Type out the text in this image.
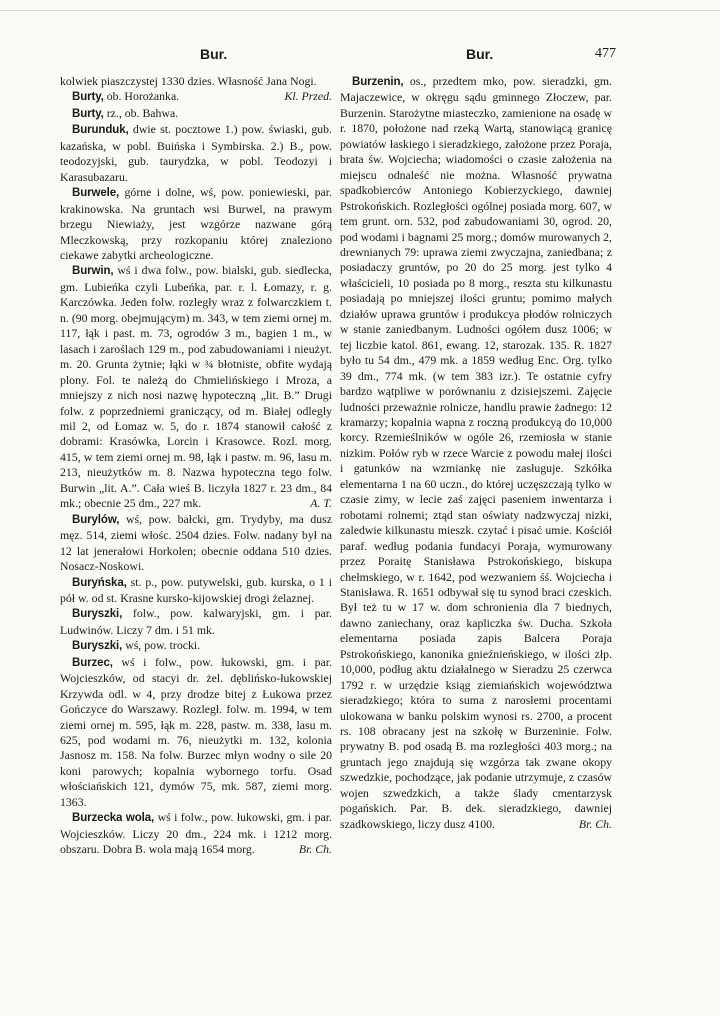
Bur.	Bur.	477

kolwiek piaszczystej 1330 dzies. Własność Jana Nogi.
Kl. Przed.

Burty, ob. Horożanka.

Burty, rz., ob. Bahwa.

Burunduk, dwie st. pocztowe 1.) pow. świaski, gub. kazańska, w pobl. Buińska i Symbirska. 2.) B., pow. teodozyjski, gub. taurydzka, w pobl. Teodozyi i Karasubazaru.

Burwele, górne i dolne, wś, pow. poniewieski, par. krakinowska. Na gruntach wsi Burwel, na prawym brzegu Niewiaży, jest wzgórze nazwane górą Mleczkowską, przy rozkopaniu której znaleziono ciekawe zabytki archeologiczne.

Burwin, wś i dwa folw., pow. bialski, gub. siedlecka, gm. Lubieńka czyli Lubeńka, par. r. l. Łomazy, r. g. Karczówka. Jeden folw. rozległy wraz z folwarczkiem t. n. (90 morg. obejmującym) m. 343, w tem ziemi ornej m. 117, łąk i past. m. 73, ogrodów 3 m., bagien 1 m., w lasach i zaroślach 129 m., pod zabudowaniami i nieużyt. m. 20. Grunta żytnie; łąki w ¾ błotniste, obfite wydają plony. Fol. te należą do Chmielińskiego i Mroza, a mniejszy z nich nosi nazwę hypoteczną „lit. B.” Drugi folw. z poprzedniemi graniczący, od m. Białej odległy mil 2, od Łomaz w. 5, do r. 1874 stanowił całość z dobrami: Krasówka, Lorcin i Krasowce. Rozl. morg. 415, w tem ziemi ornej m. 98, łąk i pastw. m. 96, lasu m. 213, nieużytków m. 8. Nazwa hypoteczna tego folw. Burwin „lit. A.”. Cała wieś B. liczyła 1827 r. 23 dm., 84 mk.; obecnie 25 dm., 227 mk.	A. T.

Burylów, wś, pow. bałcki, gm. Trydyby, ma dusz męz. 514, ziemi włośc. 2504 dzies. Folw. nadany był na 12 lat jenerałowi Horkolen; obecnie oddana 510 dzies. Nosacz-Noskowi.

Buryńska, st. p., pow. putywelski, gub. kurska, o 1 i pół w. od st. Krasne kursko-kijowskiej drogi żelaznej.

Buryszki, folw., pow. kalwaryjski, gm. i par. Ludwinów. Liczy 7 dm. i 51 mk.

Buryszki, wś, pow. trocki.

Burzec, wś i folw., pow. łukowski, gm. i par. Wojcieszków, od stacyi dr. żel. dęblińsko-łukowskiej Krzywda odl. w 4, przy drodze bitej z Łukowa przez Gończyce do Warszawy. Rozległ. folw. m. 1994, w tem ziemi ornej m. 595, łąk m. 228, pastw. m. 338, lasu m. 625, pod wodami m. 76, nieużytki m. 132, kolonia Jasnosz m. 158. Na folw. Burzec młyn wodny o sile 20 koni parowych; kopalnia wybornego torfu. Osad włościańskich 121, dymów 75, mk. 587, ziemi morg. 1363.

Burzecka wola, wś i folw., pow. łukowski, gm. i par. Wojcieszków. Liczy 20 dm., 224 mk. i 1212 morg. obszaru. Dobra B. wola mają 1654 morg.	Br. Ch.

Burzenin, os., przedtem mko, pow. sieradzki, gm. Majaczewice, w okręgu sądu gminnego Złoczew, par. Burzenin. Starożytne miasteczko, zamienione na osadę w r. 1870, położone nad rzeką Wartą, stanowiącą granicę powiatów łaskiego i sieradzkiego, założone przez Poraja, brata św. Wojciecha; wiadomości o czasie założenia na miejscu odnaleść nie można. Własność prywatna spadkobierców Antoniego Kobierzyckiego, dawniej Pstrokońskich. Rozległości ogólnej posiada morg. 607, w tem grunt. orn. 532, pod zabudowaniami 30, ogrod. 20, pod wodami i bagnami 25 morg.; domów murowanych 2, drewnianych 79: uprawa ziemi zwyczajna, zaniedbana; z posiadaczy gruntów, po 20 do 25 morg. jest tylko 4 właścicieli, 10 posiada po 8 morg., reszta stu kilkunastu posiadają po mniejszej ilości gruntu; pomimo małych działów uprawa gruntów i produkcya płodów rolniczych w stanie zaniedbanym. Ludności ogółem dusz 1006; w tej liczbie katol. 861, ewang. 12, starozak. 135. R. 1827 było tu 54 dm., 479 mk. a 1859 według Enc. Org. tylko 39 dm., 774 mk. (w tem 383 izr.). Te ostatnie cyfry bardzo wątpliwe w porównaniu z dzisiejszemi. Zajęcie ludności przeważnie rolnicze, handlu prawie żadnego: 12 kramarzy; kopalnia wapna z roczną produkcyą do 10,000 korcy. Rzemieślników w ogóle 26, rzemiosła w stanie nizkim. Połów ryb w rzece Warcie z powodu małej ilości i gatunków na wzmiankę nie zasługuje. Szkółka elementarna 1 na 60 uczn., do której uczęszczają tylko w czasie zimy, w lecie zaś zajęci paseniem inwentarza i robotami rolnemi; ztąd stan oświaty nadzwyczaj nizki, zaledwie kilkunastu mieszk. czytać i pisać umie. Kościół paraf. według podania fundacyi Poraja, wymurowany przez Poraitę Stanisława Pstrokońskiego, biskupa chełmskiego, w r. 1642, pod wezwaniem śś. Wojciecha i Stanisława. R. 1651 odbywał się tu synod braci czeskich. Był też tu w 17 w. dom schronienia dla 7 biednych, dawno zaniechany, oraz kapliczka św. Ducha. Szkoła elementarna posiada zapis Balcera Poraja Pstrokońskiego, kanonika gnieźnieńskiego, w ilości złp. 10,000, podług aktu działalnego w Sieradzu 25 czerwca 1792 r. w urzędzie ksiąg ziemiańskich województwa sieradzkiego; która to suma z narosłemi procentami ulokowana w banku polskim wynosi rs. 2700, a procent rs. 108 obracany jest na szkołę w Burzeninie. Folw. prywatny B. pod osadą B. ma rozległości 403 morg.; na gruntach jego znajdują się wzgórza tak zwane okopy szwedzkie, pochodzące, jak podanie utrzymuje, z czasów wojen szwedzkich, a także ślady cmentarzysk pogańskich. Par. B. dek. sieradzkiego, dawniej szadkowskiego, liczy dusz 4100.	Br. Ch.
